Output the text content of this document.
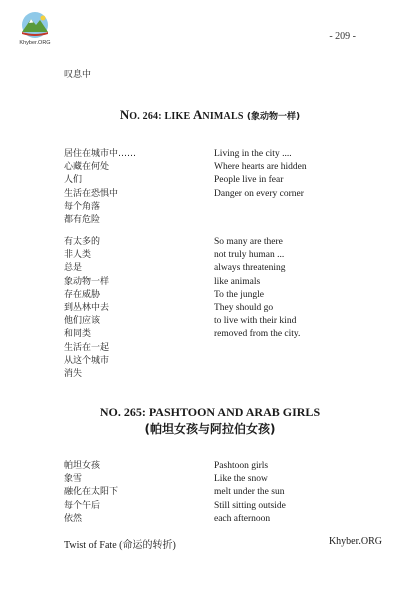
Khyber.ORG
- 209 -
叹息中
NO. 264: LIKE ANIMALS (象动物一样)
居住在城市中……
心藏在何处
人们
生活在恐惧中
每个角落
都有危险
Living in the city ....
Where hearts are hidden
People live in fear
Danger on every corner
有太多的
非人类
总是
象动物一样
存在威胁
到丛林中去
他们应该
和同类
生活在一起
从这个城市
消失
So many are there
not truly human ...
always threatening
like animals
To the jungle
They should go
to live with their kind
removed from the city.
NO. 265: PASHTOON AND ARAB GIRLS
(帕坦女孩与阿拉伯女孩)
帕坦女孩
象雪
融化在太阳下
每个午后
依然
Pashtoon girls
Like the snow
melt under the sun
Still sitting outside
each afternoon
Twist of Fate (命运的转折)	Khyber.ORG
